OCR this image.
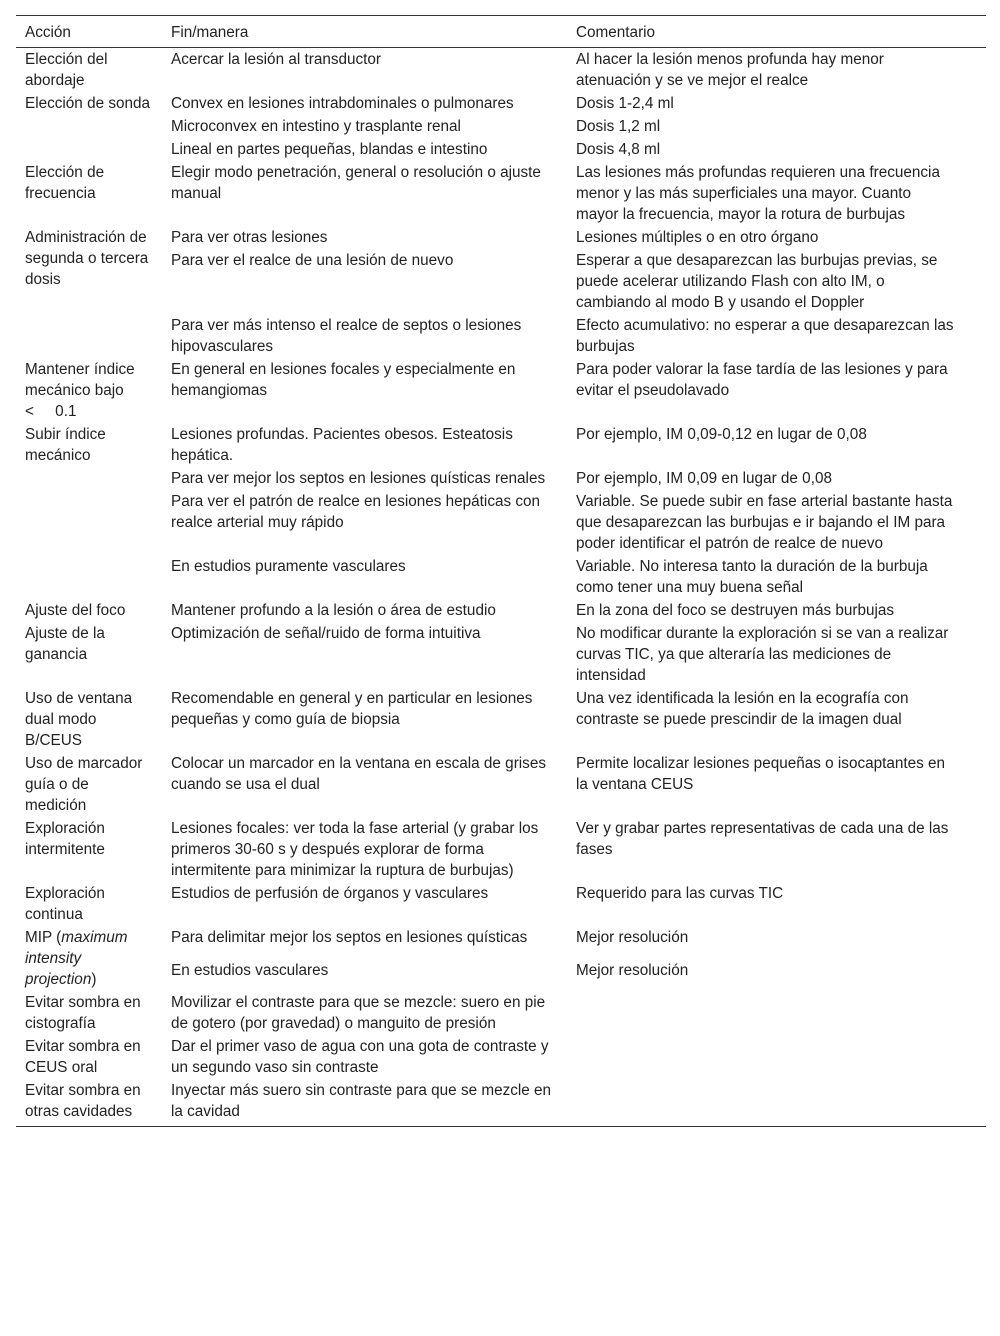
Acción	Fin/manera	Comentario
Elección del abordaje	Acercar la lesión al transductor	Al hacer la lesión menos profunda hay menor atenuación y se ve mejor el realce
Elección de sonda	Convex en lesiones intrabdominales o pulmonares	Dosis 1-2,4 ml
	Microconvex en intestino y trasplante renal	Dosis 1,2 ml
	Lineal en partes pequeñas, blandas e intestino	Dosis 4,8 ml
Elección de frecuencia	Elegir modo penetración, general o resolución o ajuste manual	Las lesiones más profundas requieren una frecuencia menor y las más superficiales una mayor. Cuanto mayor la frecuencia, mayor la rotura de burbujas
Administración de segunda o tercera dosis	Para ver otras lesiones	Lesiones múltiples o en otro órgano
	Para ver el realce de una lesión de nuevo	Esperar a que desaparezcan las burbujas previas, se puede acelerar utilizando Flash con alto IM, o cambiando al modo B y usando el Doppler
	Para ver más intenso el realce de septos o lesiones hipovasculares	Efecto acumulativo: no esperar a que desaparezcan las burbujas
Mantener índice mecánico bajo <     0.1	En general en lesiones focales y especialmente en hemangiomas	Para poder valorar la fase tardía de las lesiones y para evitar el pseudolavado
Subir índice mecánico	Lesiones profundas. Pacientes obesos. Esteatosis hepática.	Por ejemplo, IM 0,09-0,12 en lugar de 0,08
	Para ver mejor los septos en lesiones quísticas renales	Por ejemplo, IM 0,09 en lugar de 0,08
	Para ver el patrón de realce en lesiones hepáticas con realce arterial muy rápido	Variable. Se puede subir en fase arterial bastante hasta que desaparezcan las burbujas e ir bajando el IM para poder identificar el patrón de realce de nuevo
	En estudios puramente vasculares	Variable. No interesa tanto la duración de la burbuja como tener una muy buena señal
Ajuste del foco	Mantener profundo a la lesión o área de estudio	En la zona del foco se destruyen más burbujas
Ajuste de la ganancia	Optimización de señal/ruido de forma intuitiva	No modificar durante la exploración si se van a realizar curvas TIC, ya que alteraría las mediciones de intensidad
Uso de ventana dual modo B/CEUS	Recomendable en general y en particular en lesiones pequeñas y como guía de biopsia	Una vez identificada la lesión en la ecografía con contraste se puede prescindir de la imagen dual
Uso de marcador guía o de medición	Colocar un marcador en la ventana en escala de grises cuando se usa el dual	Permite localizar lesiones pequeñas o isocaptantes en la ventana CEUS
Exploración intermitente	Lesiones focales: ver toda la fase arterial (y grabar los primeros 30-60 s y después explorar de forma intermitente para minimizar la ruptura de burbujas)	Ver y grabar partes representativas de cada una de las fases
Exploración continua	Estudios de perfusión de órganos y vasculares	Requerido para las curvas TIC
MIP (maximum intensity projection)	Para delimitar mejor los septos en lesiones quísticas	Mejor resolución
	En estudios vasculares	Mejor resolución
Evitar sombra en cistografía	Movilizar el contraste para que se mezcle: suero en pie de gotero (por gravedad) o manguito de presión	
Evitar sombra en CEUS oral	Dar el primer vaso de agua con una gota de contraste y un segundo vaso sin contraste	
Evitar sombra en otras cavidades	Inyectar más suero sin contraste para que se mezcle en la cavidad	
